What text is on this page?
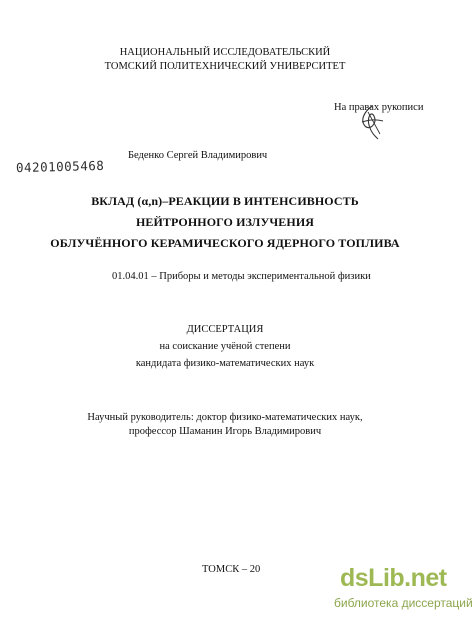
НАЦИОНАЛЬНЫЙ ИССЛЕДОВАТЕЛЬСКИЙ
ТОМСКИЙ ПОЛИТЕХНИЧЕСКИЙ УНИВЕРСИТЕТ
На правах рукописи
04201005468
Беденко Сергей Владимирович
ВКЛАД (α,n)–РЕАКЦИИ В ИНТЕНСИВНОСТЬ
НЕЙТРОННОГО ИЗЛУЧЕНИЯ
ОБЛУЧЁННОГО КЕРАМИЧЕСКОГО ЯДЕРНОГО ТОПЛИВА
01.04.01 – Приборы и методы экспериментальной физики
ДИССЕРТАЦИЯ
на соискание учёной степени
кандидата физико-математических наук
Научный руководитель: доктор физико-математических наук,
профессор Шаманин Игорь Владимирович
ТОМСК – 20	dsLib.net
библиотека диссертаций
